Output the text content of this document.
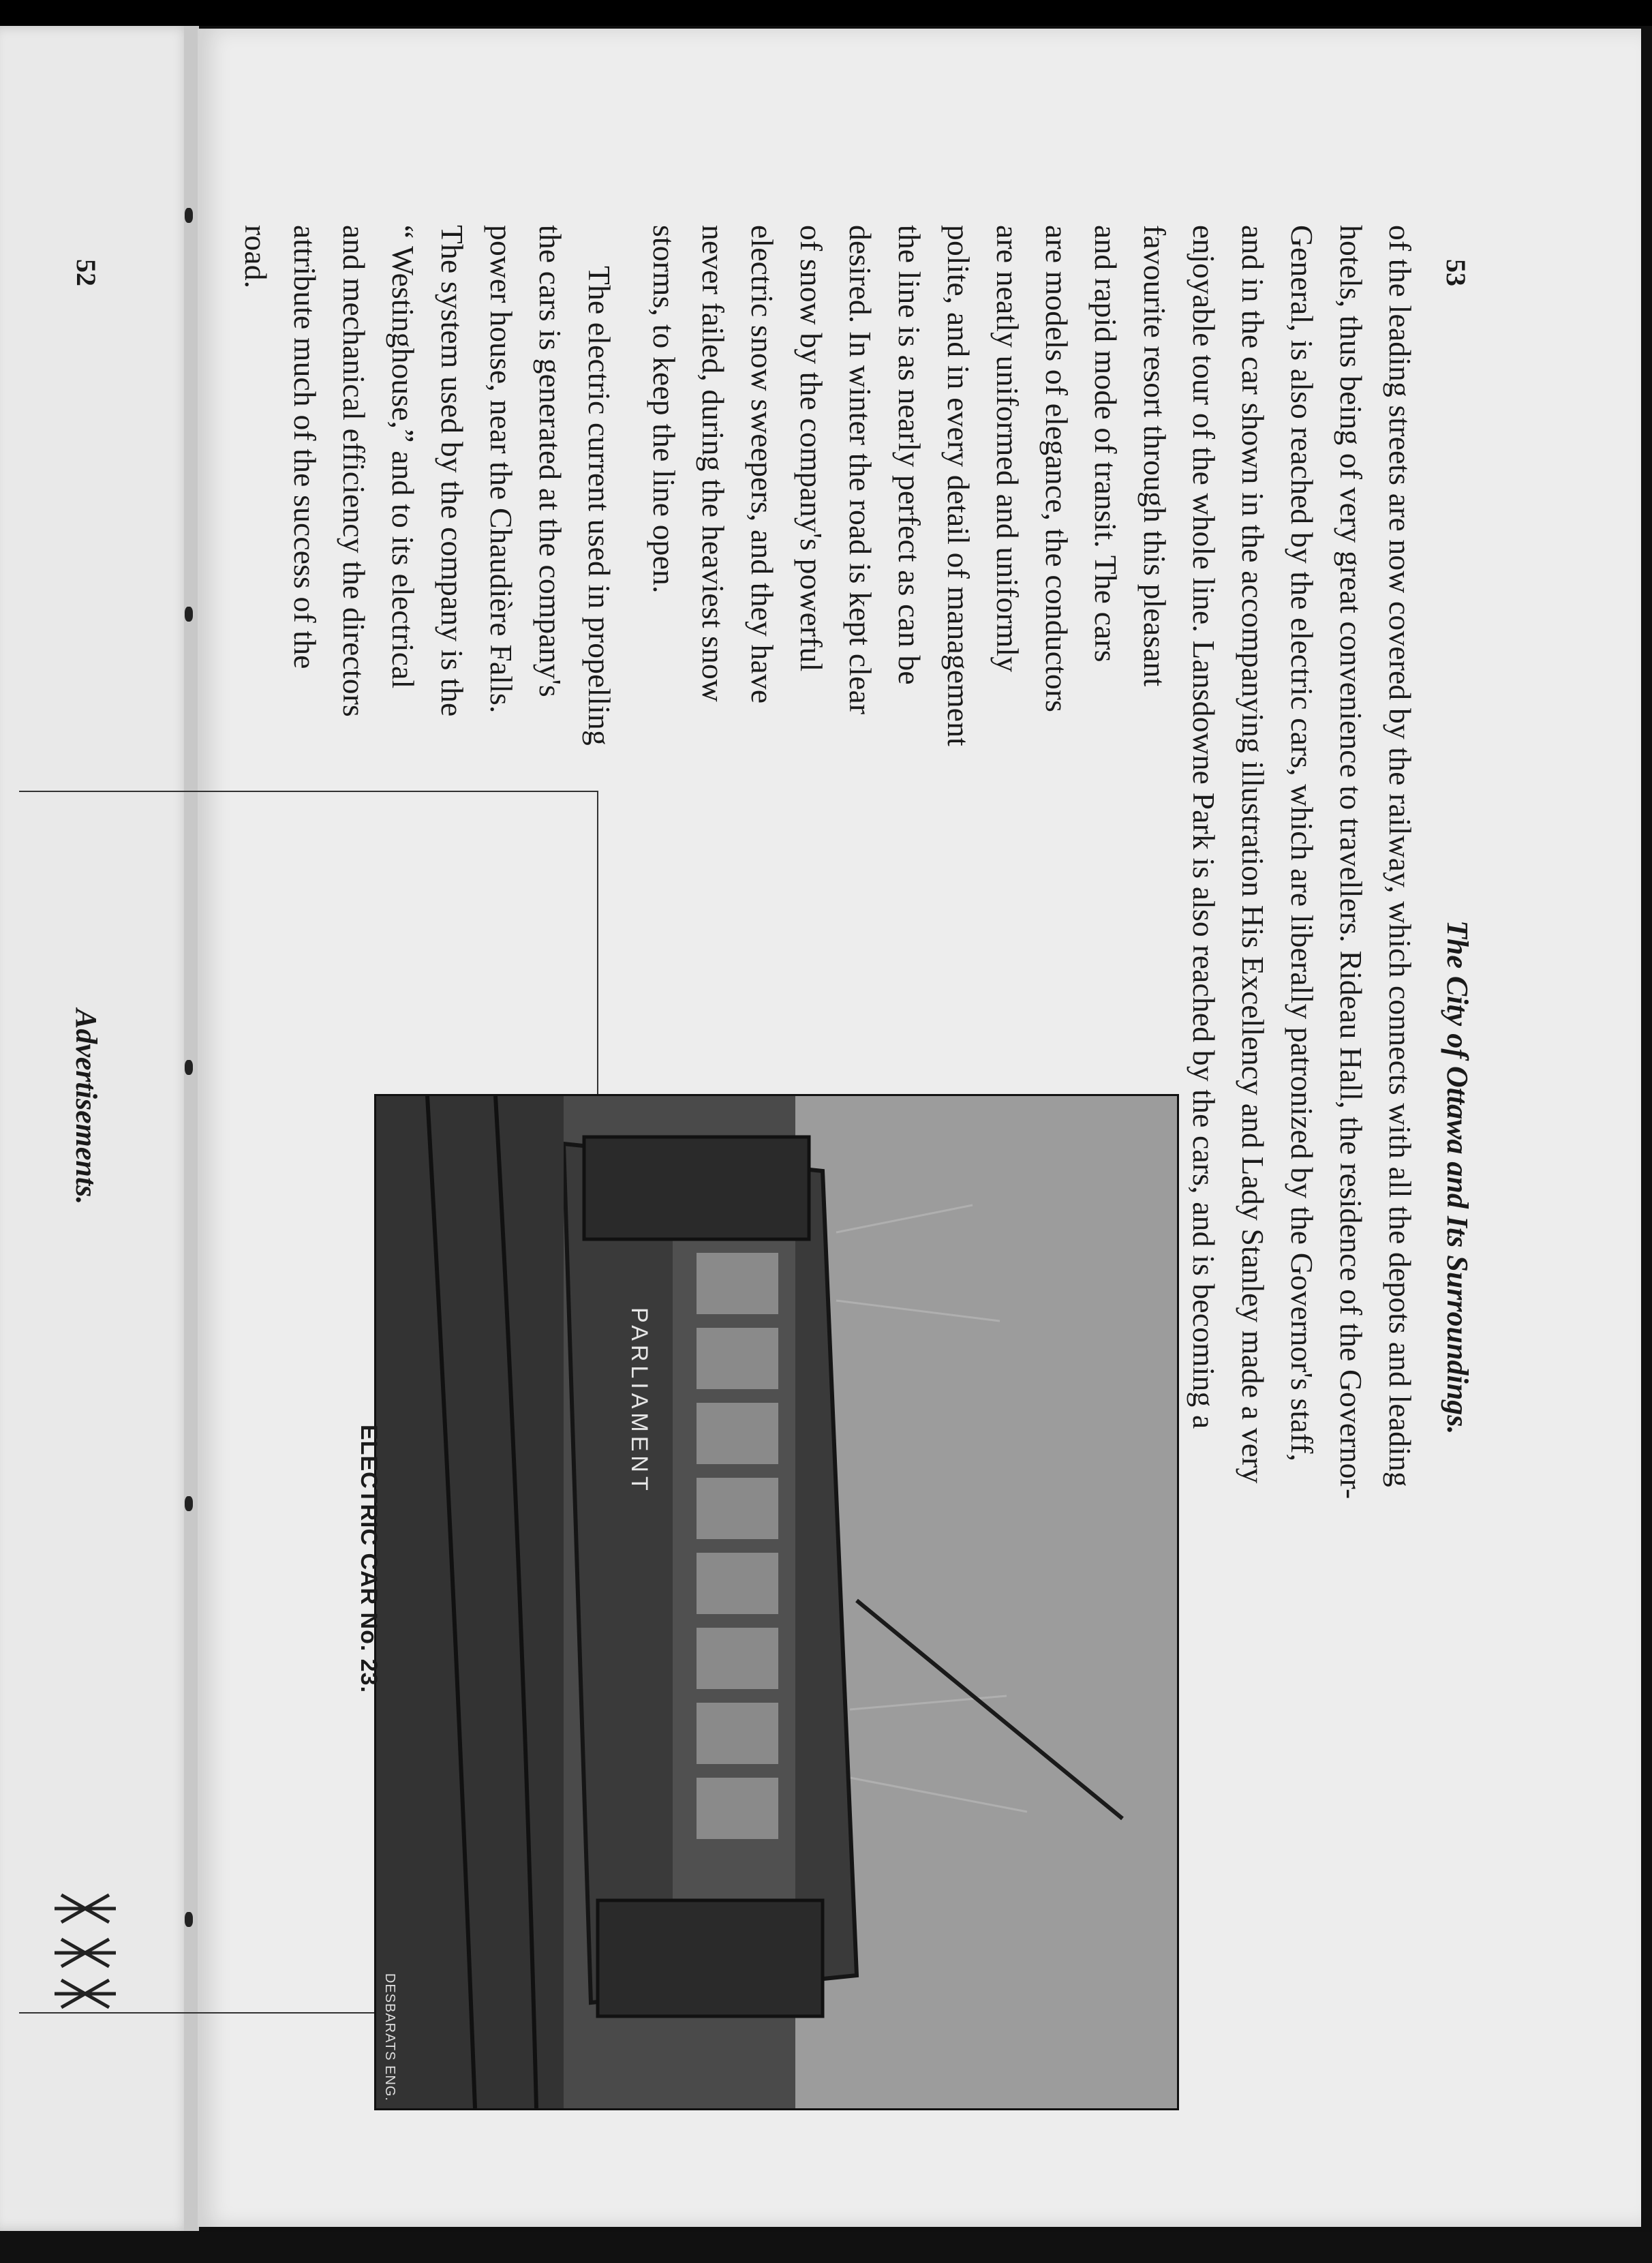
52
Advertisements.
53
The City of Ottawa and Its Surroundings.
of the leading streets are now covered by the railway, which connects with all the depots and leading
hotels, thus being of very great convenience to travellers. Rideau Hall, the residence of the Governor-
General, is also reached by the electric cars, which are liberally patronized by the Governor's staff,
and in the car shown in the accompanying illustration His Excellency and Lady Stanley made a very
enjoyable tour of the whole line. Lansdowne Park is also reached by the cars, and is becoming a
favourite resort through this pleasant
and rapid mode of transit. The cars
are models of elegance, the conductors
are neatly uniformed and uniformly
polite, and in every detail of management
the line is as nearly perfect as can be
desired. In winter the road is kept clear
of snow by the company's powerful
electric snow sweepers, and they have
never failed, during the heaviest snow
storms, to keep the line open.
The electric current used in propelling
the cars is generated at the company's
power house, near the Chaudière Falls.
The system used by the company is the
“ Westinghouse,” and to its electrical
and mechanical efficiency the directors
attribute much of the success of the
road.
PARLIAMENT
DESBARATS ENG.
ELECTRIC CAR No. 23.
